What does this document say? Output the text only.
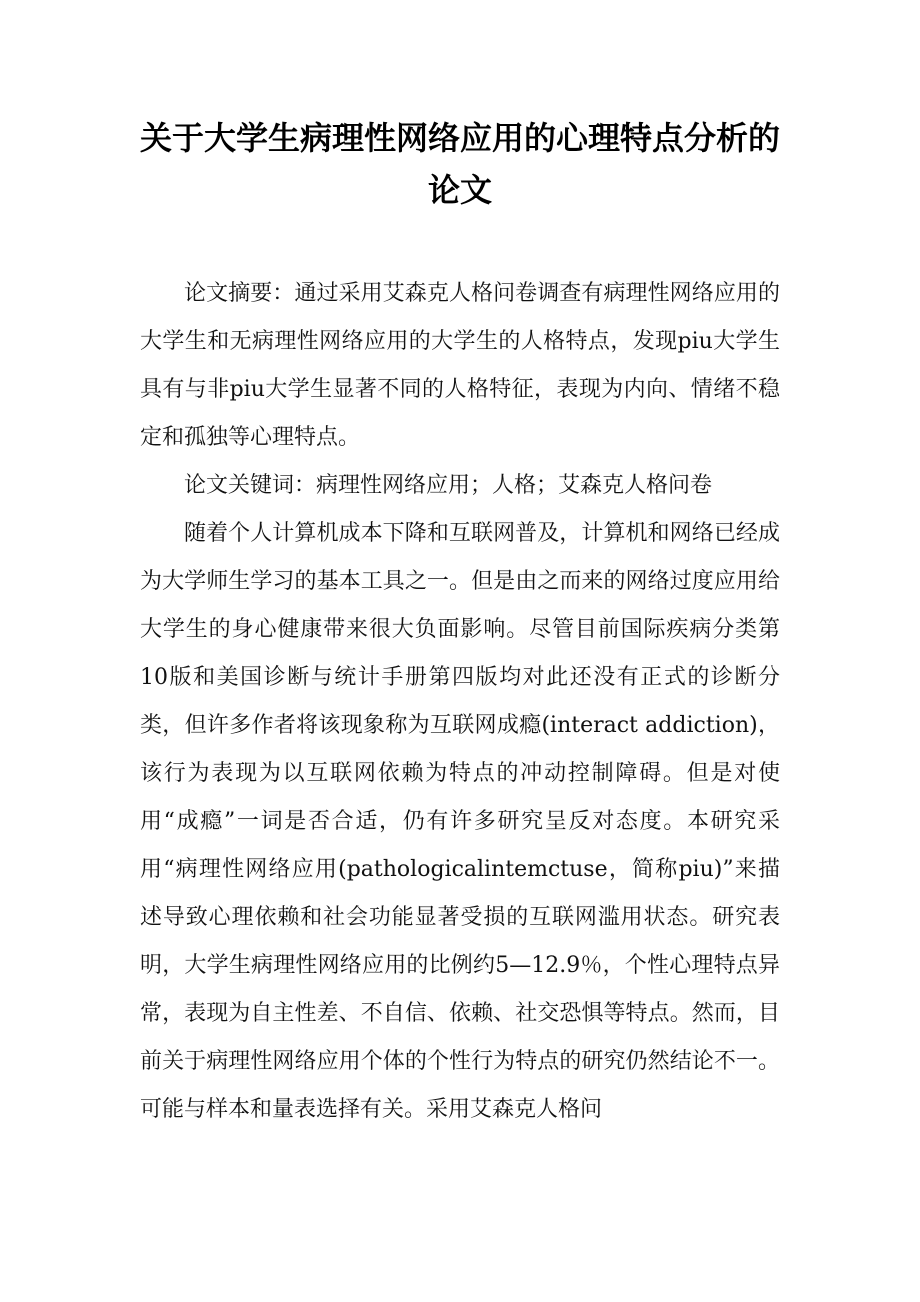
关于大学生病理性网络应用的心理特点分析的论文

论文摘要：通过采用艾森克人格问卷调查有病理性网络应用的大学生和无病理性网络应用的大学生的人格特点，发现piu大学生具有与非piu大学生显著不同的人格特征，表现为内向、情绪不稳定和孤独等心理特点。

论文关键词：病理性网络应用；人格；艾森克人格问卷

随着个人计算机成本下降和互联网普及，计算机和网络已经成为大学师生学习的基本工具之一。但是由之而来的网络过度应用给大学生的身心健康带来很大负面影响。尽管目前国际疾病分类第10版和美国诊断与统计手册第四版均对此还没有正式的诊断分类，但许多作者将该现象称为互联网成瘾(interact addiction)，该行为表现为以互联网依赖为特点的冲动控制障碍。但是对使用“成瘾”一词是否合适，仍有许多研究呈反对态度。本研究采用“病理性网络应用(pathologicalintemctuse，简称piu)”来描述导致心理依赖和社会功能显著受损的互联网滥用状态。研究表明，大学生病理性网络应用的比例约5—12.9％，个性心理特点异常，表现为自主性差、不自信、依赖、社交恐惧等特点。然而，目前关于病理性网络应用个体的个性行为特点的研究仍然结论不一。可能与样本和量表选择有关。采用艾森克人格问
